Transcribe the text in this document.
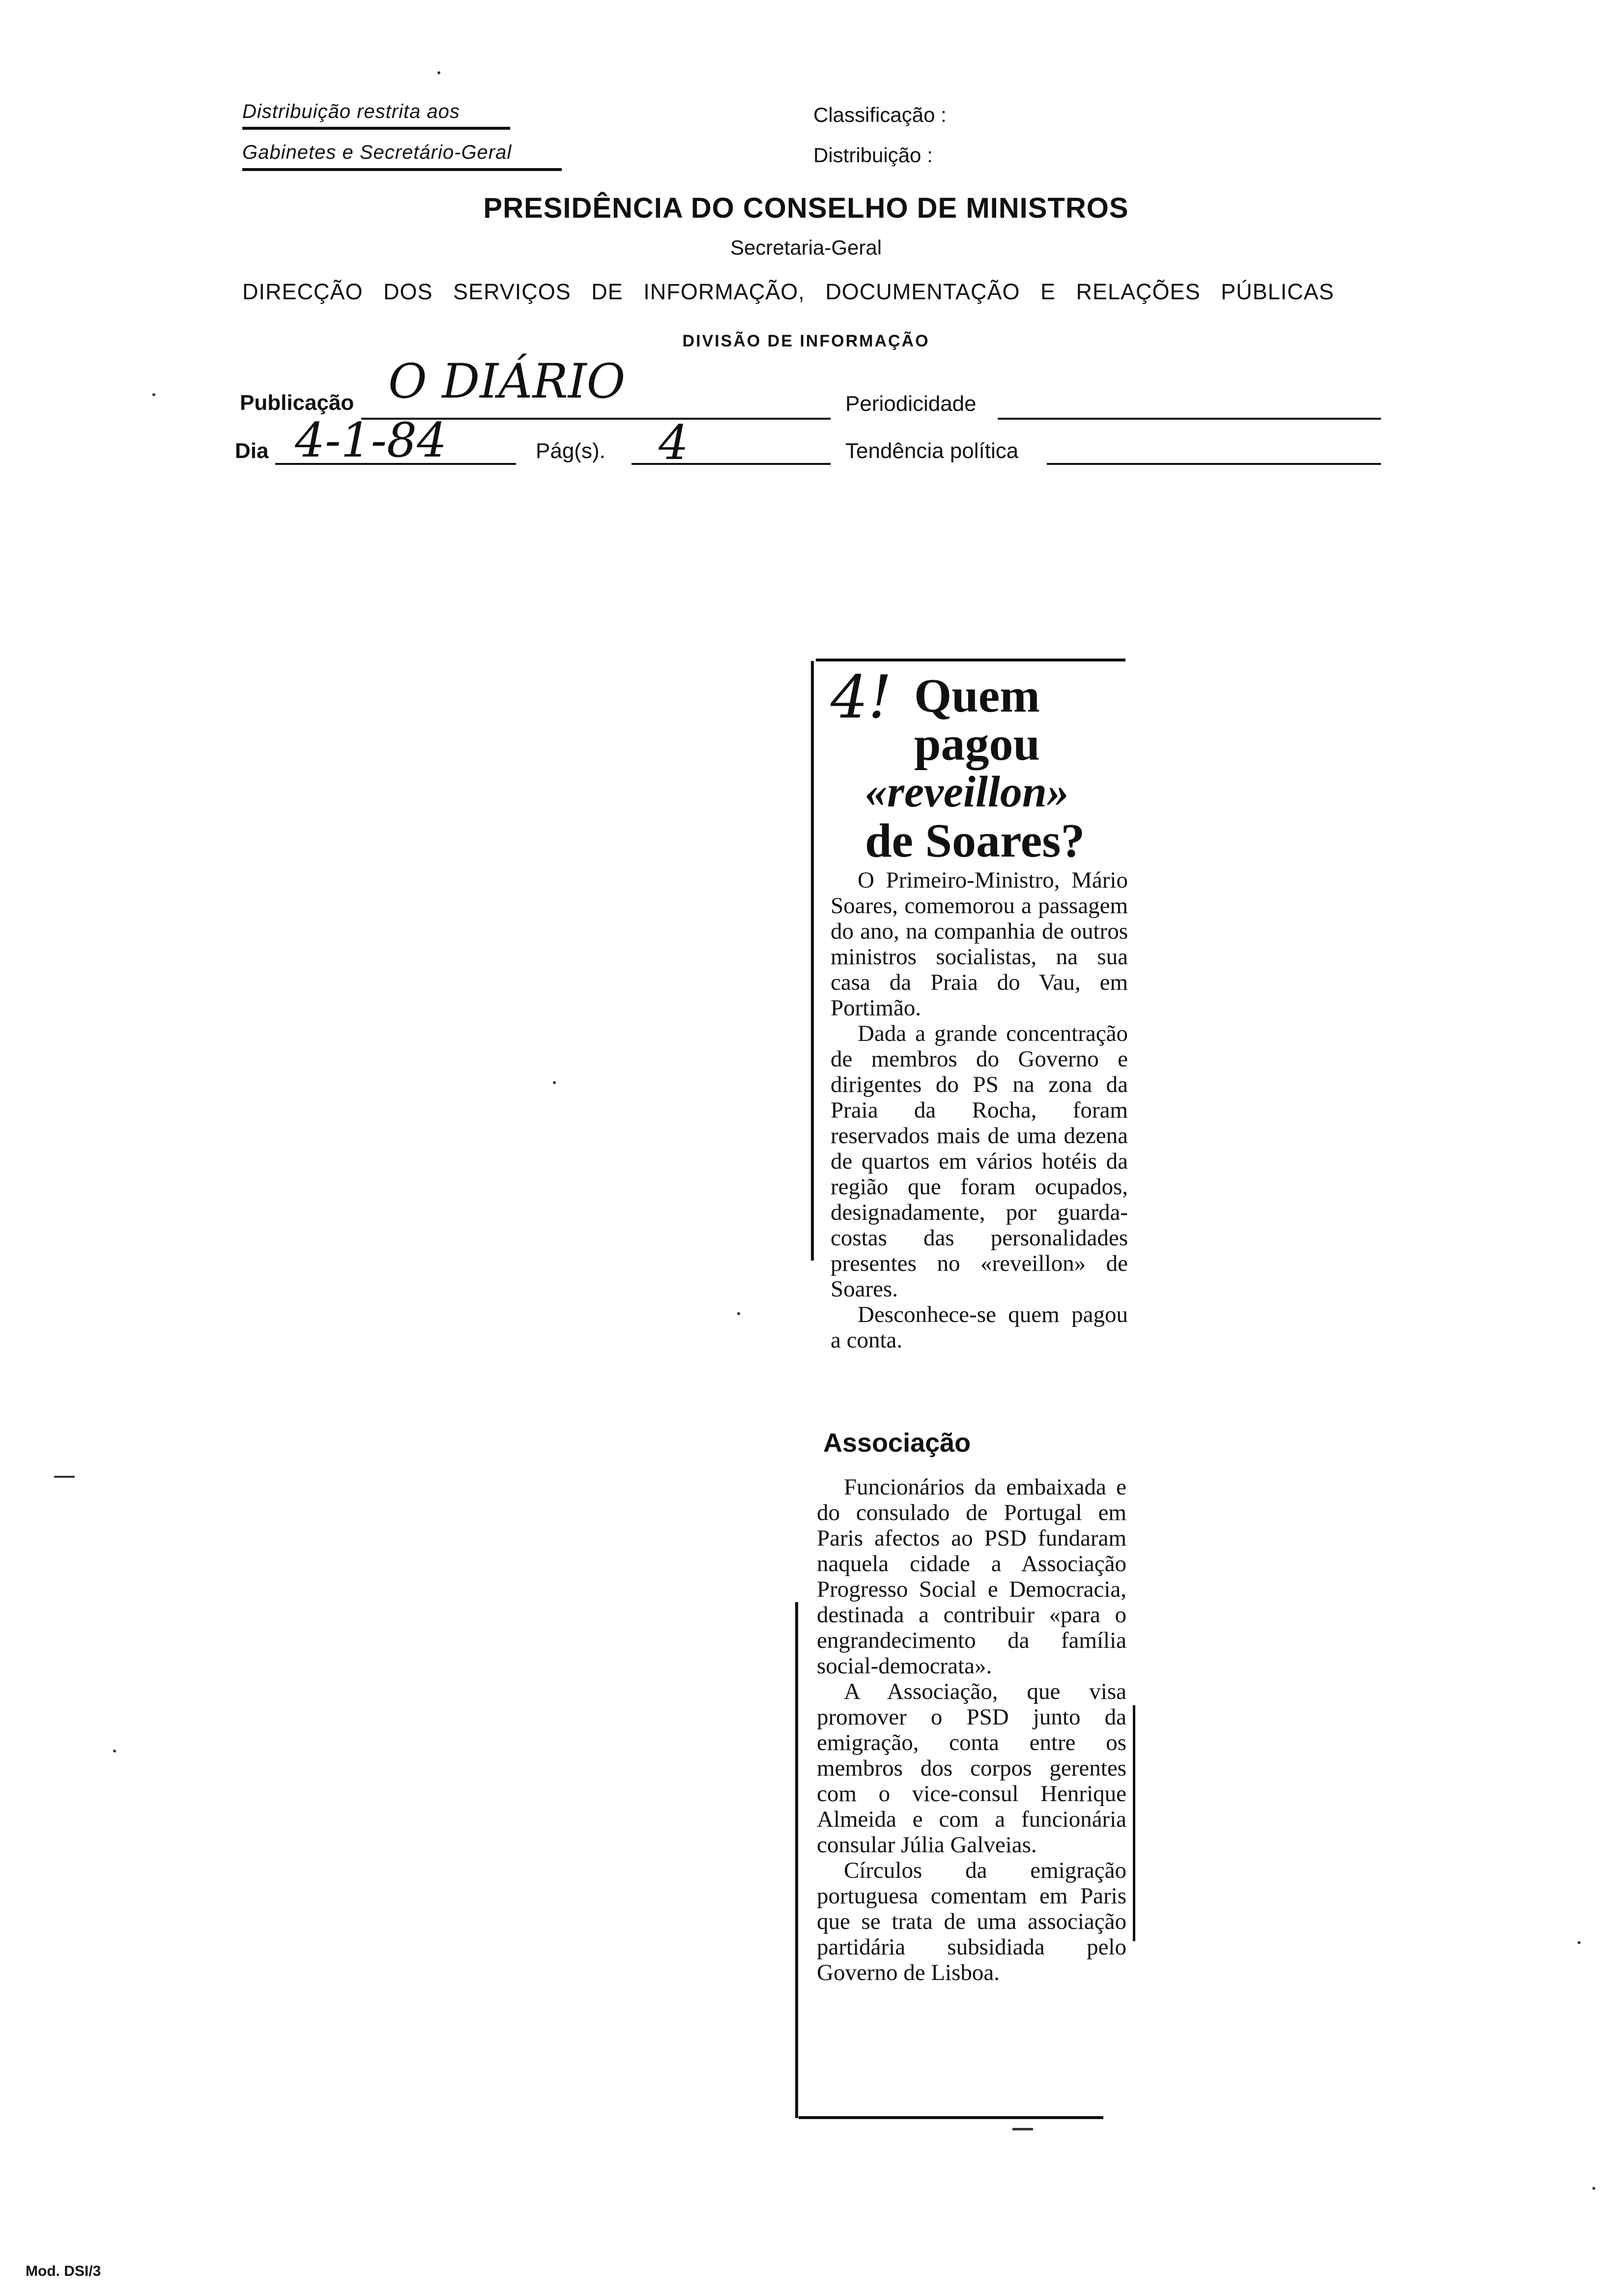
Distribuição restrita aos
Gabinetes e Secretário-Geral
Classificação :
Distribuição :
PRESIDÊNCIA DO CONSELHO DE MINISTROS
Secretaria-Geral
DIRECÇÃO DOS SERVIÇOS DE INFORMAÇÃO, DOCUMENTAÇÃO E RELAÇÕES PÚBLICAS
DIVISÃO DE INFORMAÇÃO
Publicação O DIÁRIO	Periodicidade
Dia 4-1-84	Pág(s). 4	Tendência política
4! Quem
pagou
«reveillon»
de Soares?

O Primeiro-Ministro, Mário Soares, comemorou a passagem do ano, na companhia de outros ministros socialistas, na sua casa da Praia do Vau, em Portimão.

Dada a grande concentração de membros do Governo e dirigentes do PS na zona da Praia da Rocha, foram reservados mais de uma dezena de quartos em vários hotéis da região que foram ocupados, designadamente, por guarda-costas das personalidades presentes no «reveillon» de Soares.

Desconhece-se quem pagou a conta.

Associação

Funcionários da embaixada e do consulado de Portugal em Paris afectos ao PSD fundaram naquela cidade a Associação Progresso Social e Democracia, destinada a contribuir «para o engrandecimento da família social-democrata».

A Associação, que visa promover o PSD junto da emigração, conta entre os membros dos corpos gerentes com o vice-consul Henrique Almeida e com a funcionária consular Júlia Galveias.

Círculos da emigração portuguesa comentam em Paris que se trata de uma associação partidária subsidiada pelo Governo de Lisboa.

Mod. DSI/3
